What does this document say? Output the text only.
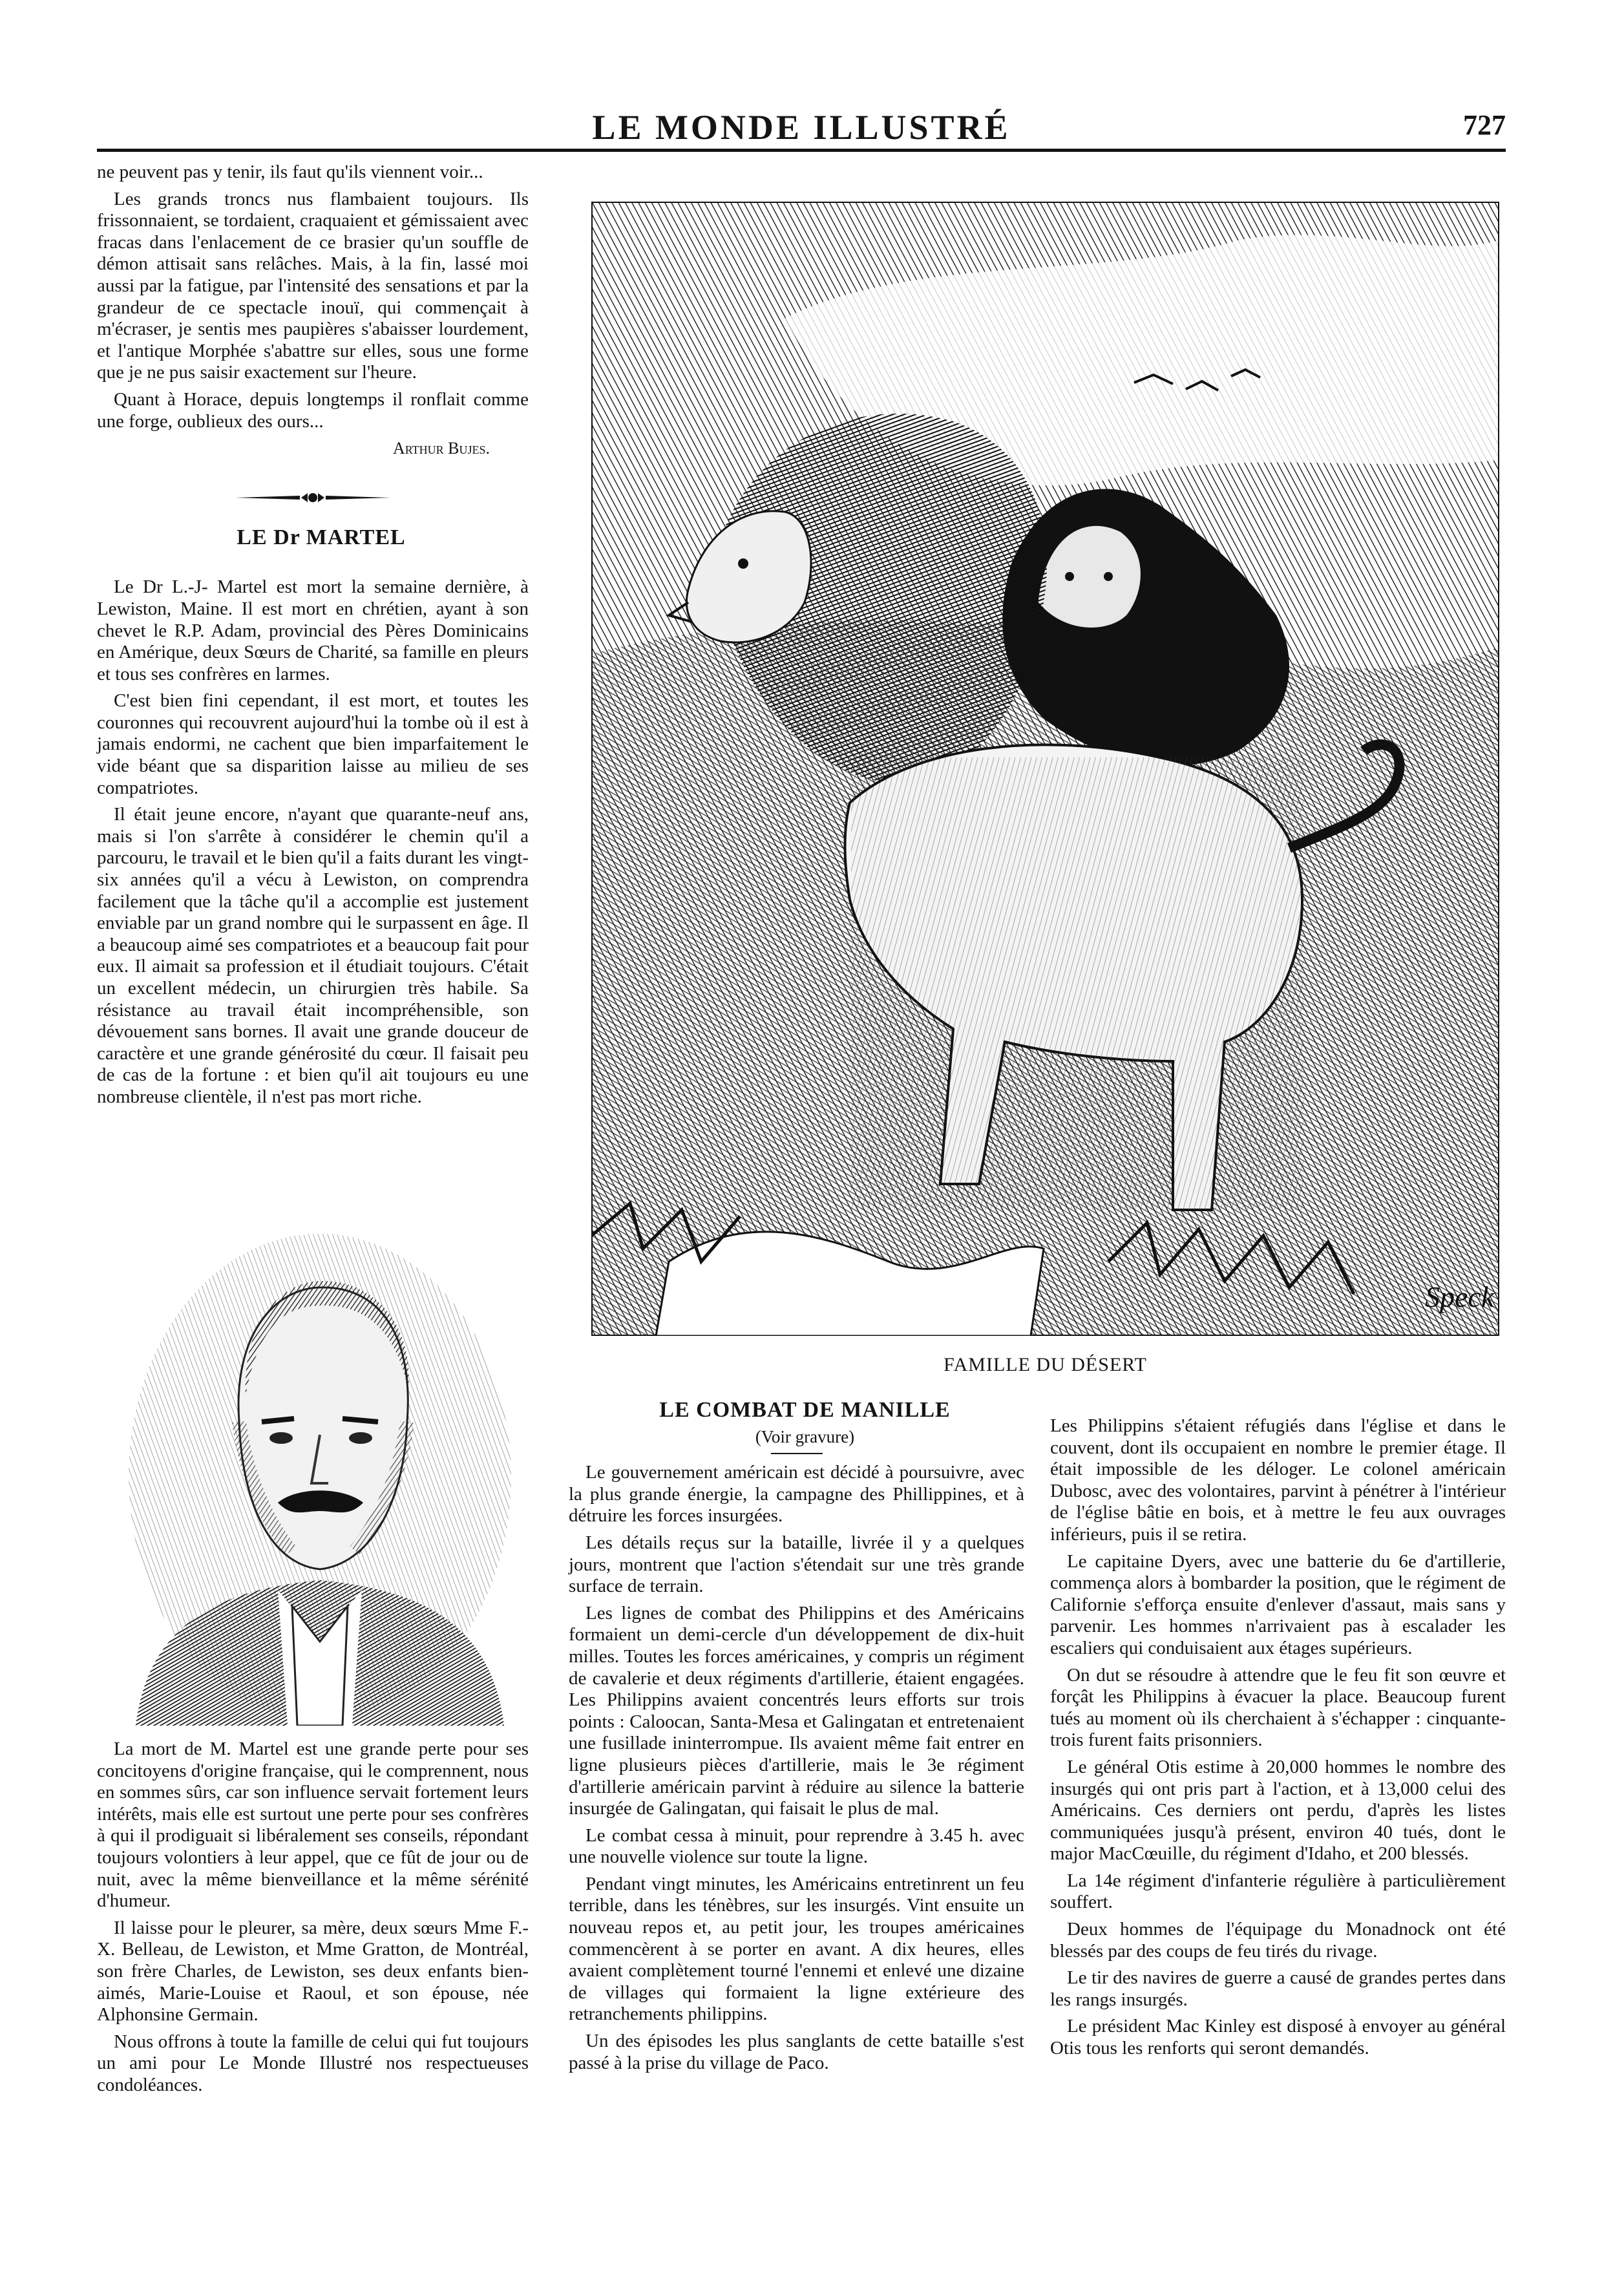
LE MONDE ILLUSTRÉ	727

ne peuvent pas y tenir, ils faut qu'ils viennent voir...

Les grands troncs nus flambaient toujours. Ils frissonnaient, se tordaient, craquaient et gémissaient avec fracas dans l'enlacement de ce brasier qu'un souffle de démon attisait sans relâches. Mais, à la fin, lassé moi aussi par la fatigue, par l'intensité des sensations et par la grandeur de ce spectacle inouï, qui commençait à m'écraser, je sentis mes paupières s'abaisser lourdement, et l'antique Morphée s'abattre sur elles, sous une forme que je ne pus saisir exactement sur l'heure.

Quant à Horace, depuis longtemps il ronflait comme une forge, oublieux des ours...

Arthur Bujes.

LE Dr MARTEL

Le Dr L.-J- Martel est mort la semaine dernière, à Lewiston, Maine. Il est mort en chrétien, ayant à son chevet le R.P. Adam, provincial des Pères Dominicains en Amérique, deux Sœurs de Charité, sa famille en pleurs et tous ses confrères en larmes.

C'est bien fini cependant, il est mort, et toutes les couronnes qui recouvrent aujourd'hui la tombe où il est à jamais endormi, ne cachent que bien imparfaitement le vide béant que sa disparition laisse au milieu de ses compatriotes.

Il était jeune encore, n'ayant que quarante-neuf ans, mais si l'on s'arrête à considérer le chemin qu'il a parcouru, le travail et le bien qu'il a faits durant les vingt-six années qu'il a vécu à Lewiston, on comprendra facilement que la tâche qu'il a accomplie est justement enviable par un grand nombre qui le surpassent en âge. Il a beaucoup aimé ses compatriotes et a beaucoup fait pour eux. Il aimait sa profession et il étudiait toujours. C'était un excellent médecin, un chirurgien très habile. Sa résistance au travail était incompréhensible, son dévouement sans bornes. Il avait une grande douceur de caractère et une grande générosité du cœur. Il faisait peu de cas de la fortune : et bien qu'il ait toujours eu une nombreuse clientèle, il n'est pas mort riche.

La mort de M. Martel est une grande perte pour ses concitoyens d'origine française, qui le comprennent, nous en sommes sûrs, car son influence servait fortement leurs intérêts, mais elle est surtout une perte pour ses confrères à qui il prodiguait si libéralement ses conseils, répondant toujours volontiers à leur appel, que ce fût de jour ou de nuit, avec la même bienveillance et la même sérénité d'humeur.

Il laisse pour le pleurer, sa mère, deux sœurs Mme F.-X. Belleau, de Lewiston, et Mme Gratton, de Montréal, son frère Charles, de Lewiston, ses deux enfants bien-aimés, Marie-Louise et Raoul, et son épouse, née Alphonsine Germain.

Nous offrons à toute la famille de celui qui fut toujours un ami pour Le Monde Illustré nos respectueuses condoléances.

Speck
FAMILLE DU DÉSERT

LE COMBAT DE MANILLE

(Voir gravure)

Le gouvernement américain est décidé à poursuivre, avec la plus grande énergie, la campagne des Phillippines, et à détruire les forces insurgées.

Les détails reçus sur la bataille, livrée il y a quelques jours, montrent que l'action s'étendait sur une très grande surface de terrain.

Les lignes de combat des Philippins et des Américains formaient un demi-cercle d'un développement de dix-huit milles. Toutes les forces américaines, y compris un régiment de cavalerie et deux régiments d'artillerie, étaient engagées. Les Philippins avaient concentrés leurs efforts sur trois points : Caloocan, Santa-Mesa et Galingatan et entretenaient une fusillade ininterrompue. Ils avaient même fait entrer en ligne plusieurs pièces d'artillerie, mais le 3e régiment d'artillerie américain parvint à réduire au silence la batterie insurgée de Galingatan, qui faisait le plus de mal.

Le combat cessa à minuit, pour reprendre à 3.45 h. avec une nouvelle violence sur toute la ligne.

Pendant vingt minutes, les Américains entretinrent un feu terrible, dans les ténèbres, sur les insurgés. Vint ensuite un nouveau repos et, au petit jour, les troupes américaines commencèrent à se porter en avant. A dix heures, elles avaient complètement tourné l'ennemi et enlevé une dizaine de villages qui formaient la ligne extérieure des retranchements philippins.

Un des épisodes les plus sanglants de cette bataille s'est passé à la prise du village de Paco.

Les Philippins s'étaient réfugiés dans l'église et dans le couvent, dont ils occupaient en nombre le premier étage. Il était impossible de les déloger. Le colonel américain Dubosc, avec des volontaires, parvint à pénétrer à l'intérieur de l'église bâtie en bois, et à mettre le feu aux ouvrages inférieurs, puis il se retira.

Le capitaine Dyers, avec une batterie du 6e d'artillerie, commença alors à bombarder la position, que le régiment de Californie s'efforça ensuite d'enlever d'assaut, mais sans y parvenir. Les hommes n'arrivaient pas à escalader les escaliers qui conduisaient aux étages supérieurs.

On dut se résoudre à attendre que le feu fit son œuvre et forçât les Philippins à évacuer la place. Beaucoup furent tués au moment où ils cherchaient à s'échapper : cinquante-trois furent faits prisonniers.

Le général Otis estime à 20,000 hommes le nombre des insurgés qui ont pris part à l'action, et à 13,000 celui des Américains. Ces derniers ont perdu, d'après les listes communiquées jusqu'à présent, environ 40 tués, dont le major MacCœuille, du régiment d'Idaho, et 200 blessés.

La 14e régiment d'infanterie régulière à particulièrement souffert.

Deux hommes de l'équipage du Monadnock ont été blessés par des coups de feu tirés du rivage.

Le tir des navires de guerre a causé de grandes pertes dans les rangs insurgés.

Le président Mac Kinley est disposé à envoyer au général Otis tous les renforts qui seront demandés.
